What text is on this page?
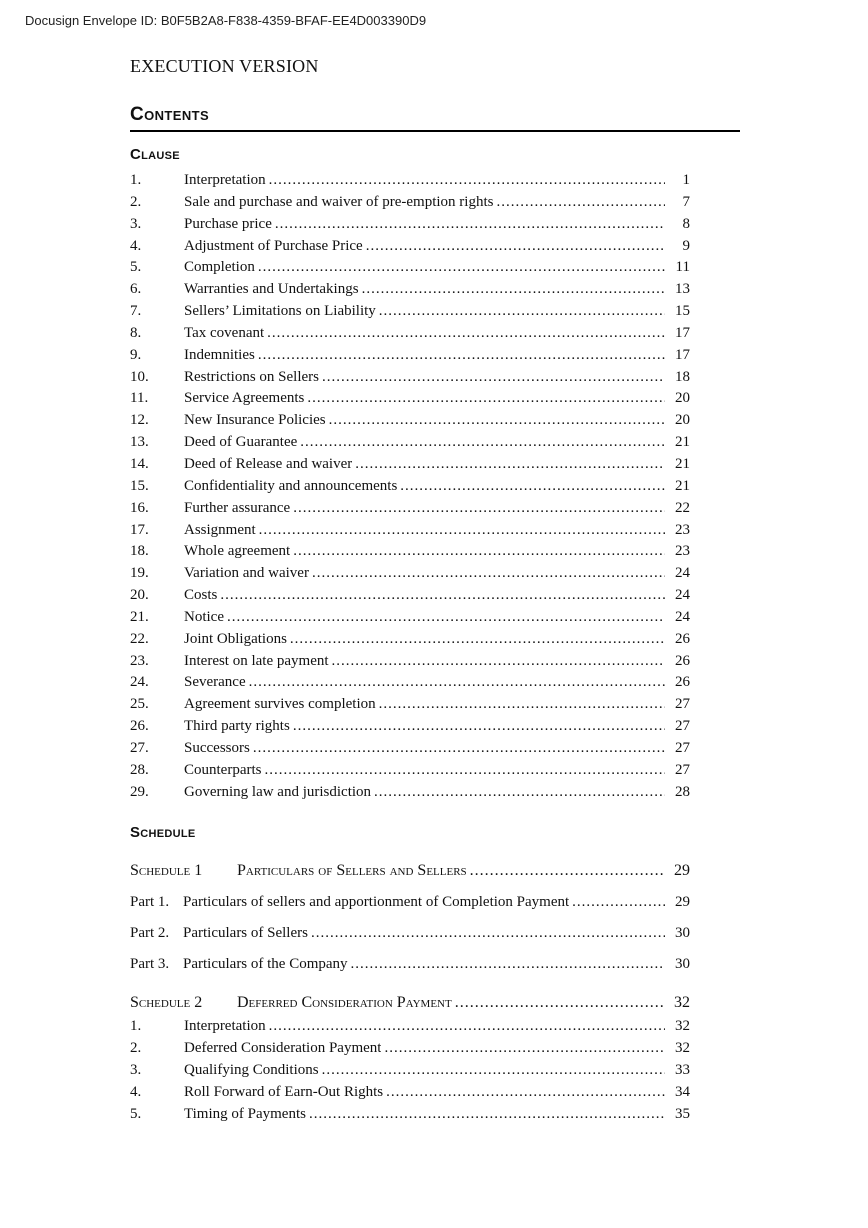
Docusign Envelope ID: B0F5B2A8-F838-4359-BFAF-EE4D003390D9
EXECUTION VERSION
Contents
Clause
1.	Interpretation .....	1
2.	Sale and purchase and waiver of pre-emption rights .....	7
3.	Purchase price .....	8
4.	Adjustment of Purchase Price .....	9
5.	Completion .....	11
6.	Warranties and Undertakings .....	13
7.	Sellers’ Limitations on Liability .....	15
8.	Tax covenant .....	17
9.	Indemnities .....	17
10.	Restrictions on Sellers .....	18
11.	Service Agreements .....	20
12.	New Insurance Policies .....	20
13.	Deed of Guarantee .....	21
14.	Deed of Release and waiver .....	21
15.	Confidentiality and announcements .....	21
16.	Further assurance .....	22
17.	Assignment .....	23
18.	Whole agreement .....	23
19.	Variation and waiver .....	24
20.	Costs .....	24
21.	Notice .....	24
22.	Joint Obligations .....	26
23.	Interest on late payment .....	26
24.	Severance .....	26
25.	Agreement survives completion .....	27
26.	Third party rights .....	27
27.	Successors .....	27
28.	Counterparts .....	27
29.	Governing law and jurisdiction .....	28
Schedule
Schedule 1	Particulars of Sellers and Sellers .....	29
Part 1. Particulars of sellers and apportionment of Completion Payment .....	29
Part 2. Particulars of Sellers .....	30
Part 3. Particulars of the Company .....	30
Schedule 2	Deferred Consideration Payment .....	32
1.	Interpretation .....	32
2.	Deferred Consideration Payment .....	32
3.	Qualifying Conditions .....	33
4.	Roll Forward of Earn-Out Rights .....	34
5.	Timing of Payments .....	35
